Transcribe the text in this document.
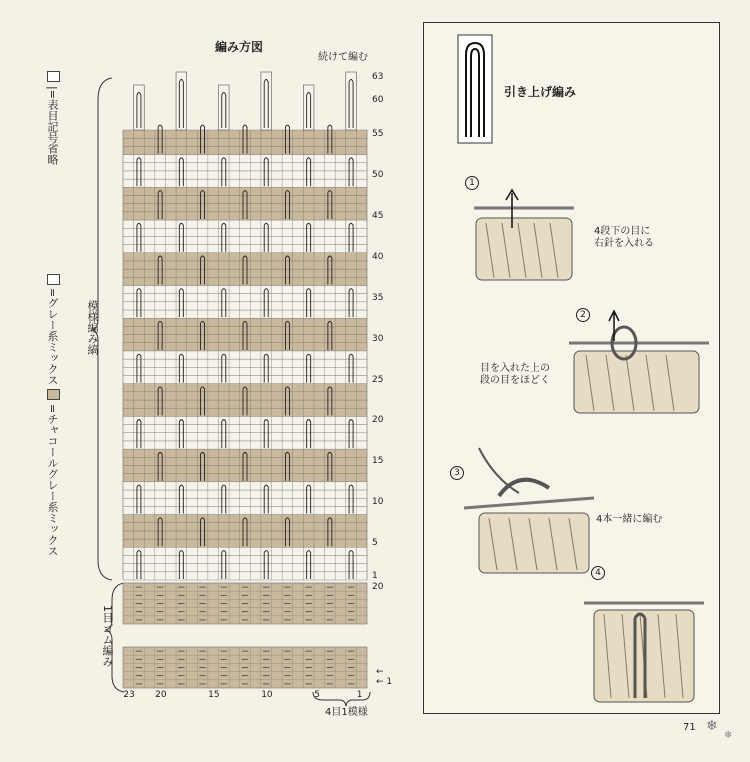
編み方図
続けて編む
|=表目記号省略
=グレー系ミックス
=チャコールグレー系ミックス
模様編み縞
1目ゴム編み
1
5
10
15
20
25
30
35
40
45
50
55
60
63
20
23 20	15	10	5	1
4目1模様
←
← 1
引き上げ編み
1
4段下の目に
右針を入れる
2
目を入れた上の
段の目をほどく
3
4本一緒に編む
4
❄
❄
71
